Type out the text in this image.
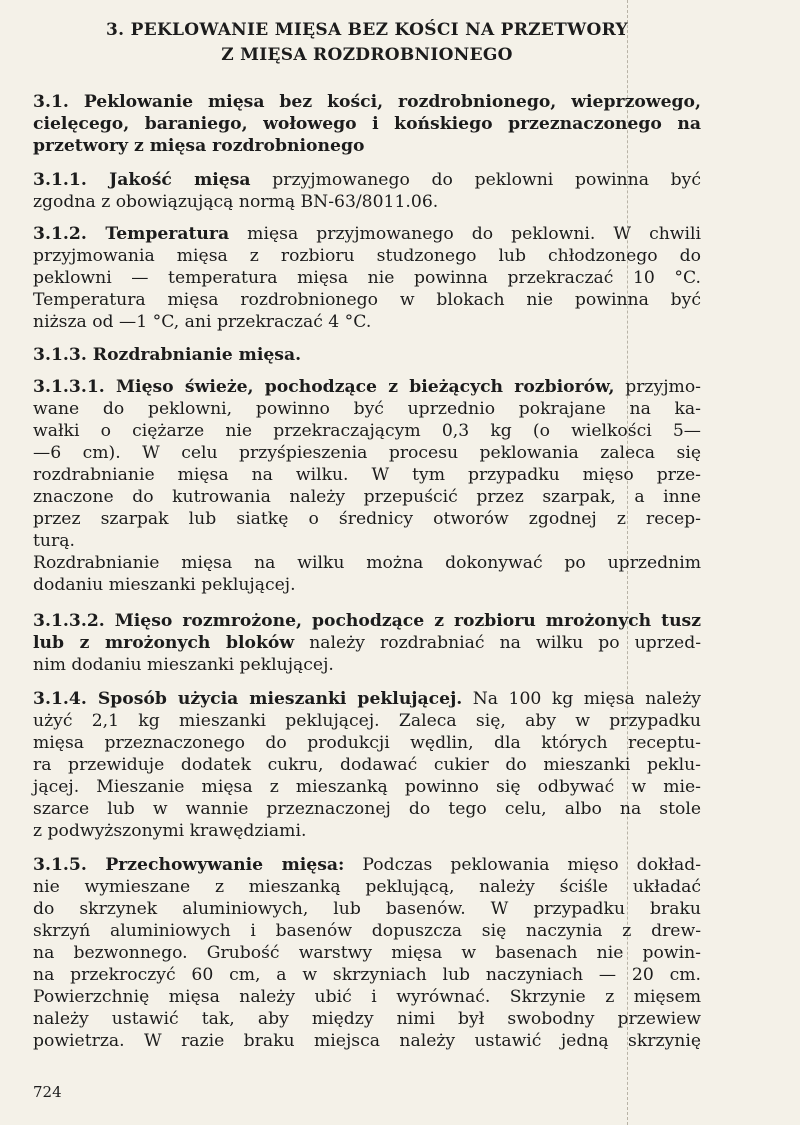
3. PEKLOWANIE MIĘSA BEZ KOŚCI NA PRZETWORY
Z MIĘSA ROZDROBNIONEGO
3.1. Peklowanie mięsa bez kości, rozdrobnionego, wieprzowego,
cielęcego, baraniego, wołowego i końskiego przeznaczonego na
przetwory z mięsa rozdrobnionego
3.1.1. Jakość mięsa przyjmowanego do peklowni powinna być
zgodna z obowiązującą normą BN-63/8011.06.
3.1.2. Temperatura mięsa przyjmowanego do peklowni. W chwili
przyjmowania mięsa z rozbioru studzonego lub chłodzonego do
peklowni — temperatura mięsa nie powinna przekraczać 10 °C.
Temperatura mięsa rozdrobnionego w blokach nie powinna być
niższa od —1 °C, ani przekraczać 4 °C.
3.1.3. Rozdrabnianie mięsa.
3.1.3.1. Mięso świeże, pochodzące z bieżących rozbiorów, przyjmo-
wane do peklowni, powinno być uprzednio pokrajane na ka-
wałki o ciężarze nie przekraczającym 0,3 kg (o wielkości 5—
—6 cm). W celu przyśpieszenia procesu peklowania zaleca się
rozdrabnianie mięsa na wilku. W tym przypadku mięso prze-
znaczone do kutrowania należy przepuścić przez szarpak, a inne
przez szarpak lub siatkę o średnicy otworów zgodnej z recep-
turą.
Rozdrabnianie mięsa na wilku można dokonywać po uprzednim
dodaniu mieszanki peklującej.
3.1.3.2. Mięso rozmrożone, pochodzące z rozbioru mrożonych tusz
lub z mrożonych bloków należy rozdrabniać na wilku po uprzed-
nim dodaniu mieszanki peklującej.
3.1.4. Sposób użycia mieszanki peklującej. Na 100 kg mięsa należy
użyć 2,1 kg mieszanki peklującej. Zaleca się, aby w przypadku
mięsa przeznaczonego do produkcji wędlin, dla których receptu-
ra przewiduje dodatek cukru, dodawać cukier do mieszanki peklu-
jącej. Mieszanie mięsa z mieszanką powinno się odbywać w mie-
szarce lub w wannie przeznaczonej do tego celu, albo na stole
z podwyższonymi krawędziami.
3.1.5. Przechowywanie mięsa: Podczas peklowania mięso dokład-
nie wymieszane z mieszanką peklującą, należy ściśle układać
do skrzynek aluminiowych, lub basenów. W przypadku braku
skrzyń aluminiowych i basenów dopuszcza się naczynia z drew-
na bezwonnego. Grubość warstwy mięsa w basenach nie powin-
na przekroczyć 60 cm, a w skrzyniach lub naczyniach — 20 cm.
Powierzchnię mięsa należy ubić i wyrównać. Skrzynie z mięsem
należy ustawić tak, aby między nimi był swobodny przewiew
powietrza. W razie braku miejsca należy ustawić jedną skrzynię
724
